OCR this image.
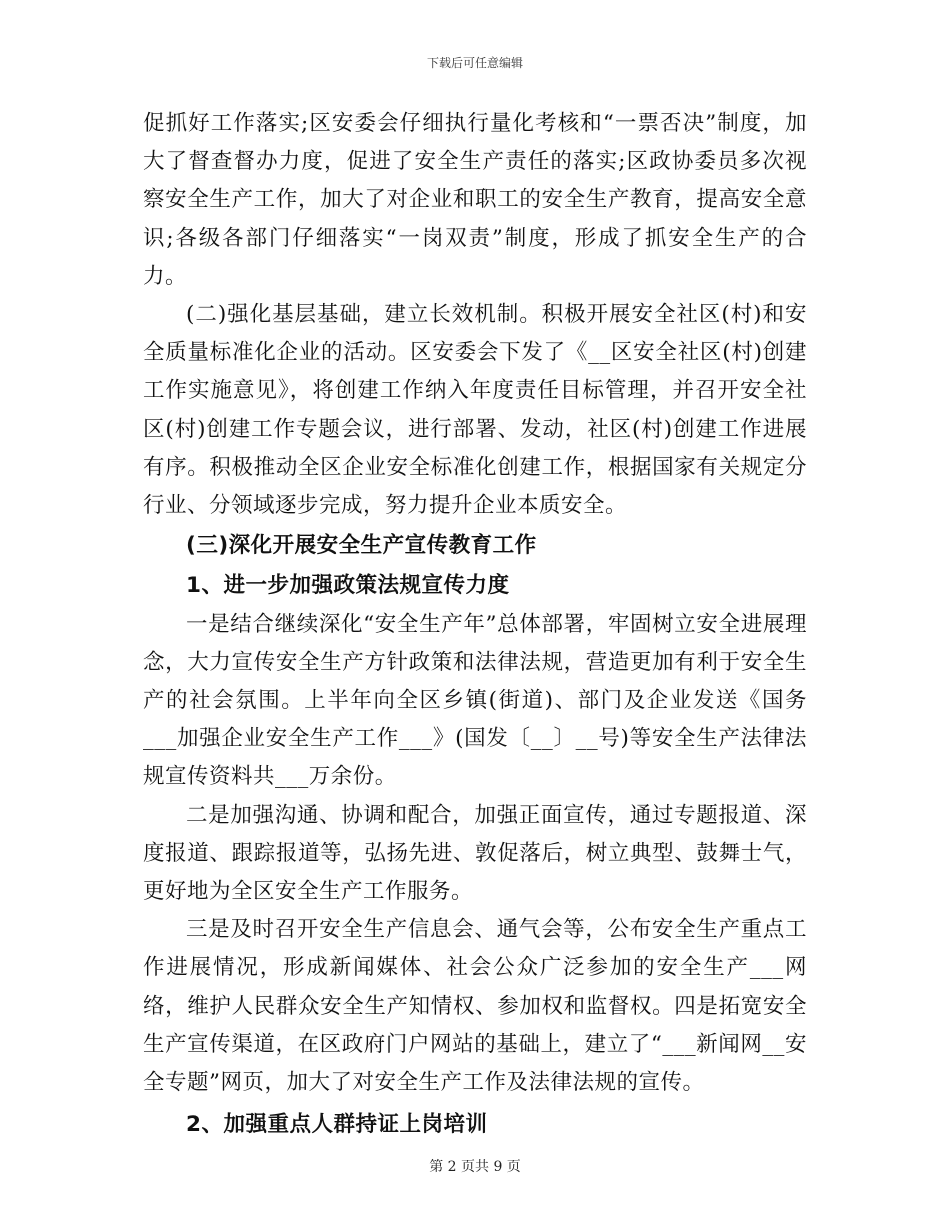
下载后可任意编辑

促抓好工作落实;区安委会仔细执行量化考核和“一票否决”制度，加大了督查督办力度，促进了安全生产责任的落实;区政协委员多次视察安全生产工作，加大了对企业和职工的安全生产教育，提高安全意识;各级各部门仔细落实“一岗双责”制度，形成了抓安全生产的合力。

(二)强化基层基础，建立长效机制。积极开展安全社区(村)和安全质量标准化企业的活动。区安委会下发了《__区安全社区(村)创建工作实施意见》，将创建工作纳入年度责任目标管理，并召开安全社区(村)创建工作专题会议，进行部署、发动，社区(村)创建工作进展有序。积极推动全区企业安全标准化创建工作，根据国家有关规定分行业、分领域逐步完成，努力提升企业本质安全。

(三)深化开展安全生产宣传教育工作

1、进一步加强政策法规宣传力度

一是结合继续深化“安全生产年”总体部署，牢固树立安全进展理念，大力宣传安全生产方针政策和法律法规，营造更加有利于安全生产的社会氛围。上半年向全区乡镇(街道)、部门及企业发送《国务___加强企业安全生产工作___》(国发〔__〕__号)等安全生产法律法规宣传资料共___万余份。

二是加强沟通、协调和配合，加强正面宣传，通过专题报道、深度报道、跟踪报道等，弘扬先进、敦促落后，树立典型、鼓舞士气，更好地为全区安全生产工作服务。

三是及时召开安全生产信息会、通气会等，公布安全生产重点工作进展情况，形成新闻媒体、社会公众广泛参加的安全生产___网络，维护人民群众安全生产知情权、参加权和监督权。四是拓宽安全生产宣传渠道，在区政府门户网站的基础上，建立了“___新闻网__安全专题”网页，加大了对安全生产工作及法律法规的宣传。

2、加强重点人群持证上岗培训

第 2 页共 9 页
